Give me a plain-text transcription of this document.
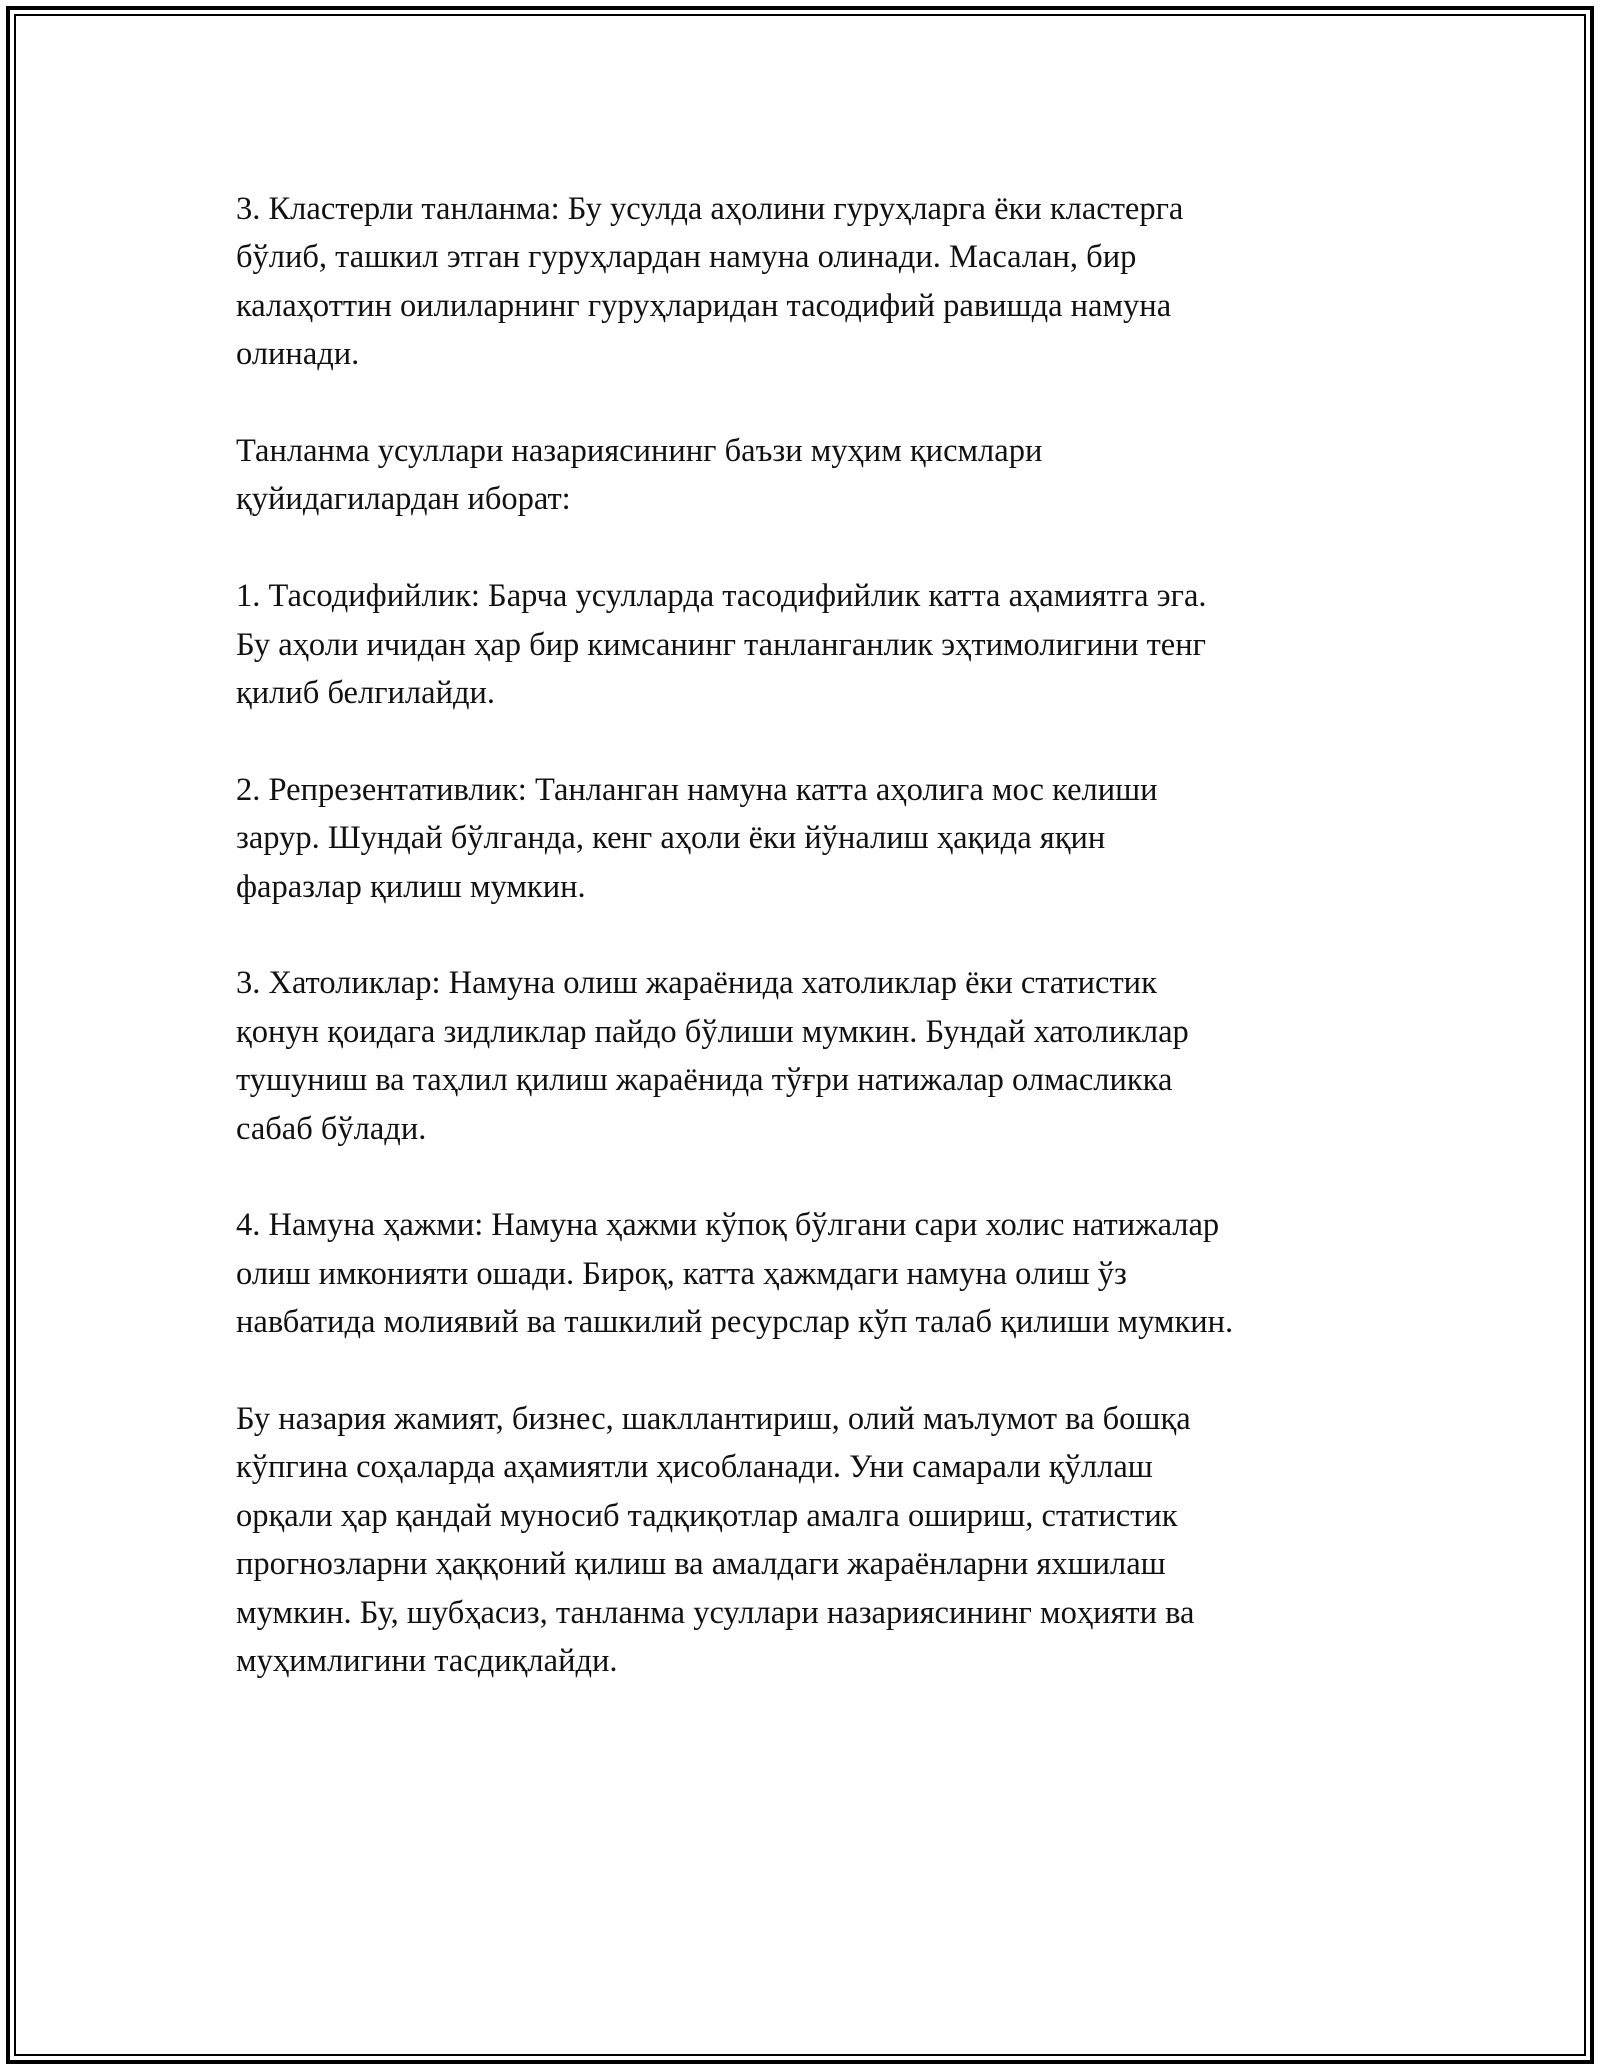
3. Кластерли танланма: Бу усулда аҳолини гуруҳларга ёки кластерга
бўлиб, ташкил этган гуруҳлардан намуна олинади. Масалан, бир
калаҳоттин оилиларнинг гуруҳларидан тасодифий равишда намуна
олинади.

Танланма усуллари назариясининг баъзи муҳим қисмлари
қуйидагилардан иборат:

1. Тасодифийлик: Барча усулларда тасодифийлик катта аҳамиятга эга.
Бу аҳоли ичидан ҳар бир кимсанинг танланганлик эҳтимолигини тенг
қилиб белгилайди.

2. Репрезентативлик: Танланган намуна катта аҳолига мос келиши
зарур. Шундай бўлганда, кенг аҳоли ёки йўналиш ҳақида яқин
фаразлар қилиш мумкин.

3. Хатоликлар: Намуна олиш жараёнида хатоликлар ёки статистик
қонун қоидага зидликлар пайдо бўлиши мумкин. Бундай хатоликлар
тушуниш ва таҳлил қилиш жараёнида тўғри натижалар олмасликка
сабаб бўлади.

4. Намуна ҳажми: Намуна ҳажми кўпоқ бўлгани сари холис натижалар
олиш имконияти ошади. Бироқ, катта ҳажмдаги намуна олиш ўз
навбатида молиявий ва ташкилий ресурслар кўп талаб қилиши мумкин.

Бу назария жамият, бизнес, шакллантириш, олий маълумот ва бошқа
кўпгина соҳаларда аҳамиятли ҳисобланади. Уни самарали қўллаш
орқали ҳар қандай муносиб тадқиқотлар амалга ошириш, статистик
прогнозларни ҳаққоний қилиш ва амалдаги жараёнларни яхшилаш
мумкин. Бу, шубҳасиз, танланма усуллари назариясининг моҳияти ва
муҳимлигини тасдиқлайди.
